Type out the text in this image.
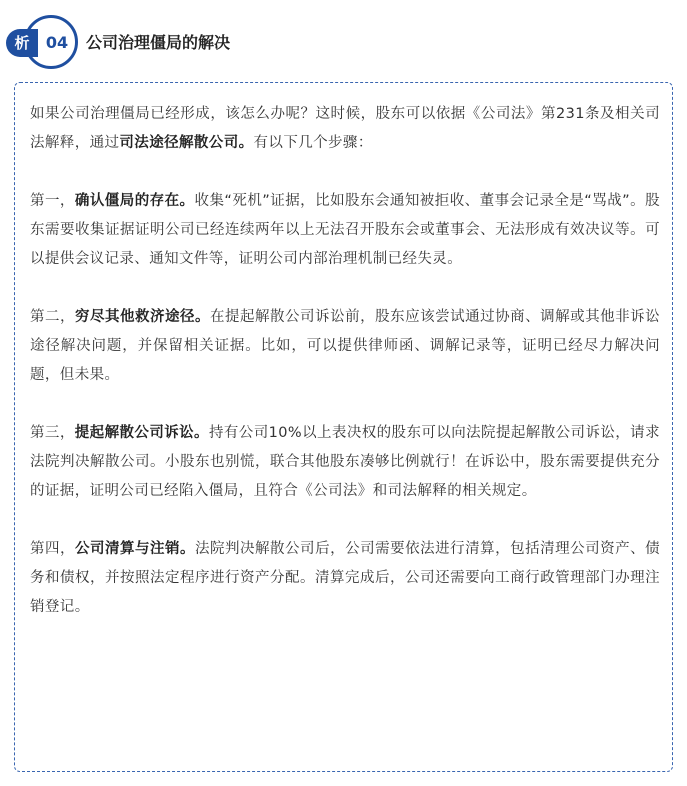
析	04	公司治理僵局的解决

如果公司治理僵局已经形成，该怎么办呢？这时候，股东可以依据《公司法》第231条及相关司法解释，通过司法途径解散公司。有以下几个步骤：

第一，确认僵局的存在。收集“死机”证据，比如股东会通知被拒收、董事会记录全是“骂战”。股东需要收集证据证明公司已经连续两年以上无法召开股东会或董事会、无法形成有效决议等。可以提供会议记录、通知文件等，证明公司内部治理机制已经失灵。

第二，穷尽其他救济途径。在提起解散公司诉讼前，股东应该尝试通过协商、调解或其他非诉讼途径解决问题，并保留相关证据。比如，可以提供律师函、调解记录等，证明已经尽力解决问题，但未果。

第三，提起解散公司诉讼。持有公司10%以上表决权的股东可以向法院提起解散公司诉讼，请求法院判决解散公司。小股东也别慌，联合其他股东凑够比例就行！在诉讼中，股东需要提供充分的证据，证明公司已经陷入僵局，且符合《公司法》和司法解释的相关规定。

第四，公司清算与注销。法院判决解散公司后，公司需要依法进行清算，包括清理公司资产、债务和债权，并按照法定程序进行资产分配。清算完成后，公司还需要向工商行政管理部门办理注销登记。
